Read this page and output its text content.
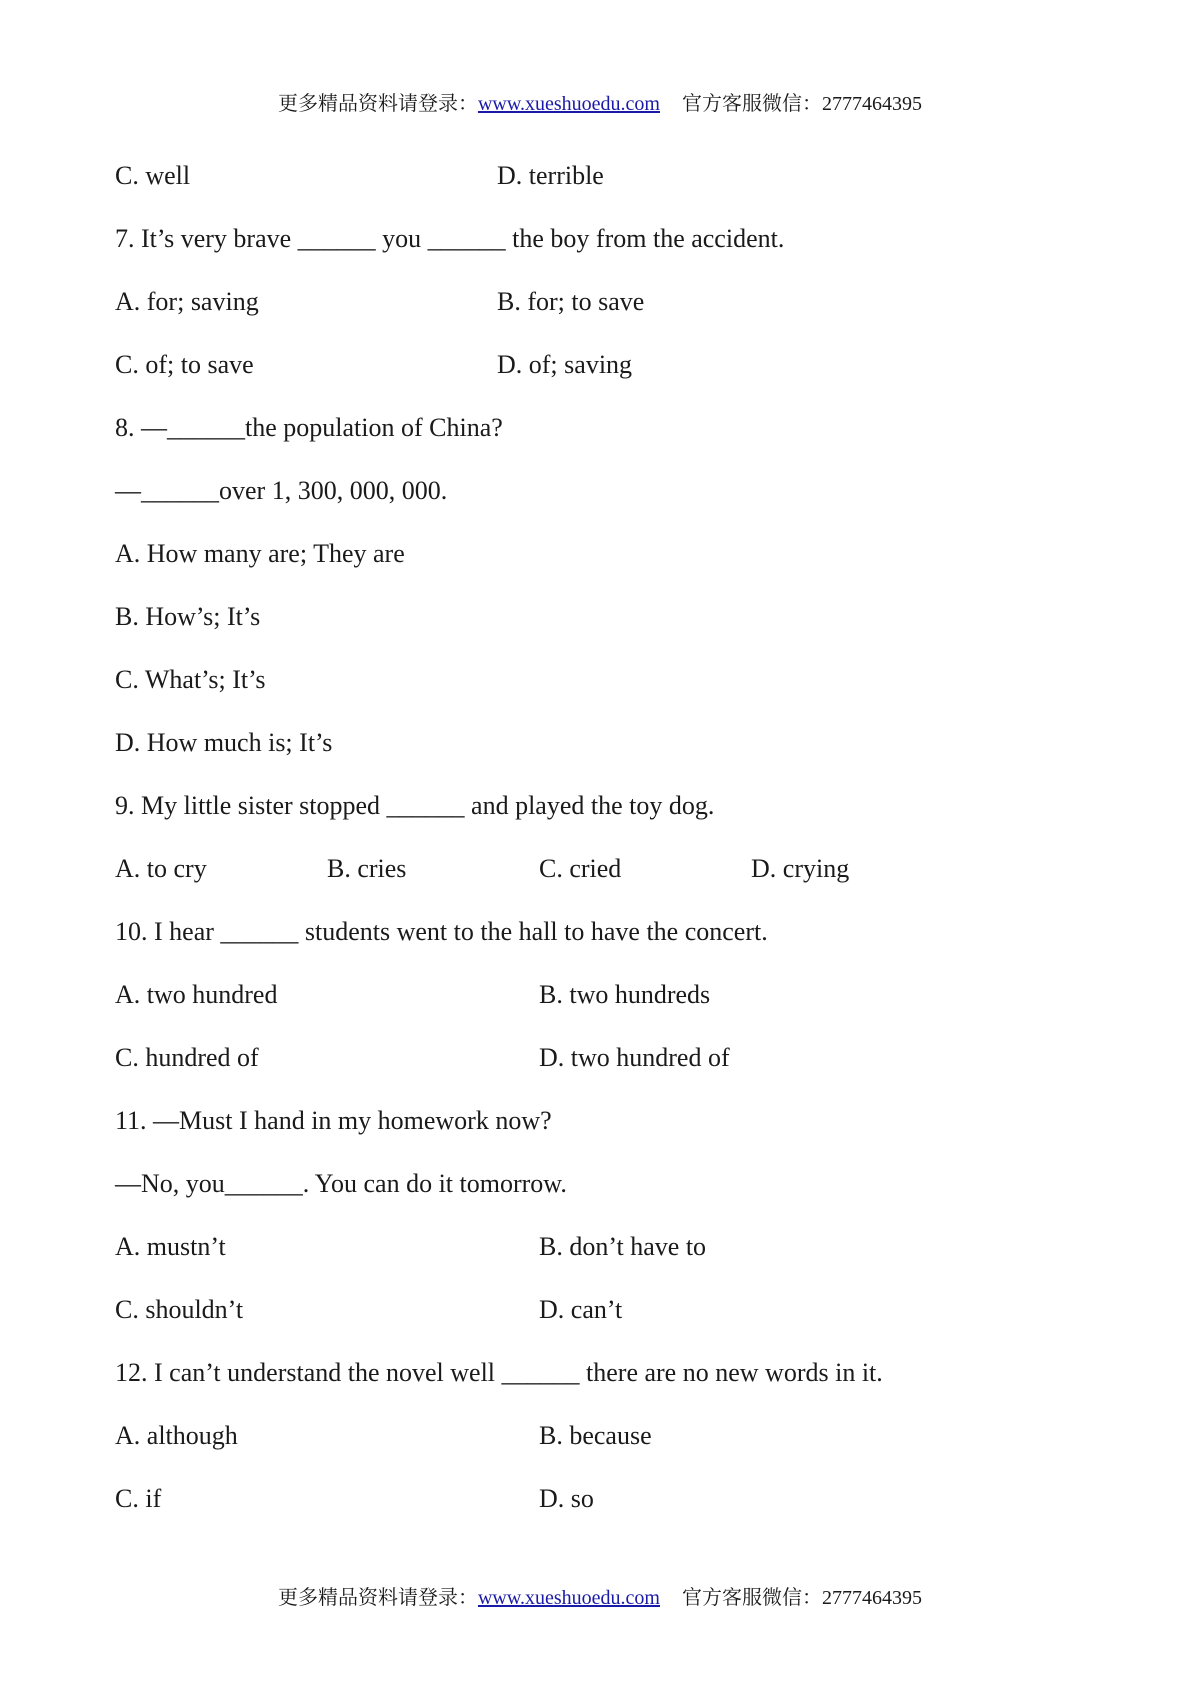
更多精品资料请登录：www.xueshuoedu.com 官方客服微信：2777464395
C. well	D. terrible
7. It’s very brave ______ you ______ the boy from the accident.
A. for; saving	B. for; to save
C. of; to save	D. of; saving
8. —______the population of China?
—______over 1, 300, 000, 000.
A. How many are; They are
B. How’s; It’s
C. What’s; It’s
D. How much is; It’s
9. My little sister stopped ______ and played the toy dog.
A. to cry	B. cries	C. cried	D. crying
10. I hear ______ students went to the hall to have the concert.
A. two hundred	B. two hundreds
C. hundred of	D. two hundred of
11. —Must I hand in my homework now?
—No, you______. You can do it tomorrow.
A. mustn’t	B. don’t have to
C. shouldn’t	D. can’t
12. I can’t understand the novel well ______ there are no new words in it.
A. although	B. because
C. if	D. so
更多精品资料请登录：www.xueshuoedu.com 官方客服微信：2777464395
